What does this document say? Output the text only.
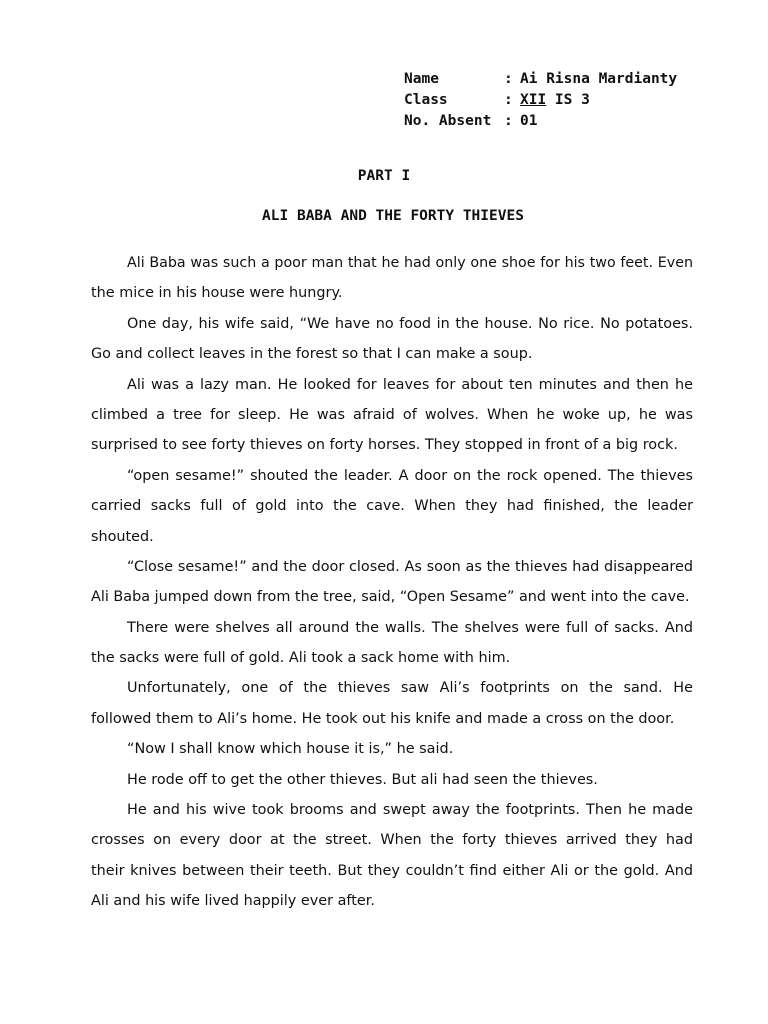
Name	: Ai Risna Mardianty
Class	: XII IS 3
No. Absent : 01
PART I
ALI BABA AND THE FORTY THIEVES
Ali Baba was such a poor man that he had only one shoe for his two feet. Even
the mice in his house were hungry.
One day, his wife said, “We have no food in the house. No rice. No potatoes.
Go and collect leaves in the forest so that I can make a soup.
Ali was a lazy man. He looked for leaves for about ten minutes and then he
climbed a tree for sleep. He was afraid of wolves. When he woke up, he was
surprised to see forty thieves on forty horses. They stopped in front of a big rock.
“open sesame!” shouted the leader. A door on the rock opened. The thieves
carried sacks full of gold into the cave. When they had finished, the leader
shouted.
“Close sesame!” and the door closed. As soon as the thieves had disappeared
Ali Baba jumped down from the tree, said, “Open Sesame” and went into the cave.
There were shelves all around the walls. The shelves were full of sacks. And
the sacks were full of gold. Ali took a sack home with him.
Unfortunately, one of the thieves saw Ali’s footprints on the sand. He
followed them to Ali’s home. He took out his knife and made a cross on the door.
“Now I shall know which house it is,” he said.
He rode off to get the other thieves. But ali had seen the thieves.
He and his wive took brooms and swept away the footprints. Then he made
crosses on every door at the street. When the forty thieves arrived they had
their knives between their teeth. But they couldn’t find either Ali or the gold. And
Ali and his wife lived happily ever after.
